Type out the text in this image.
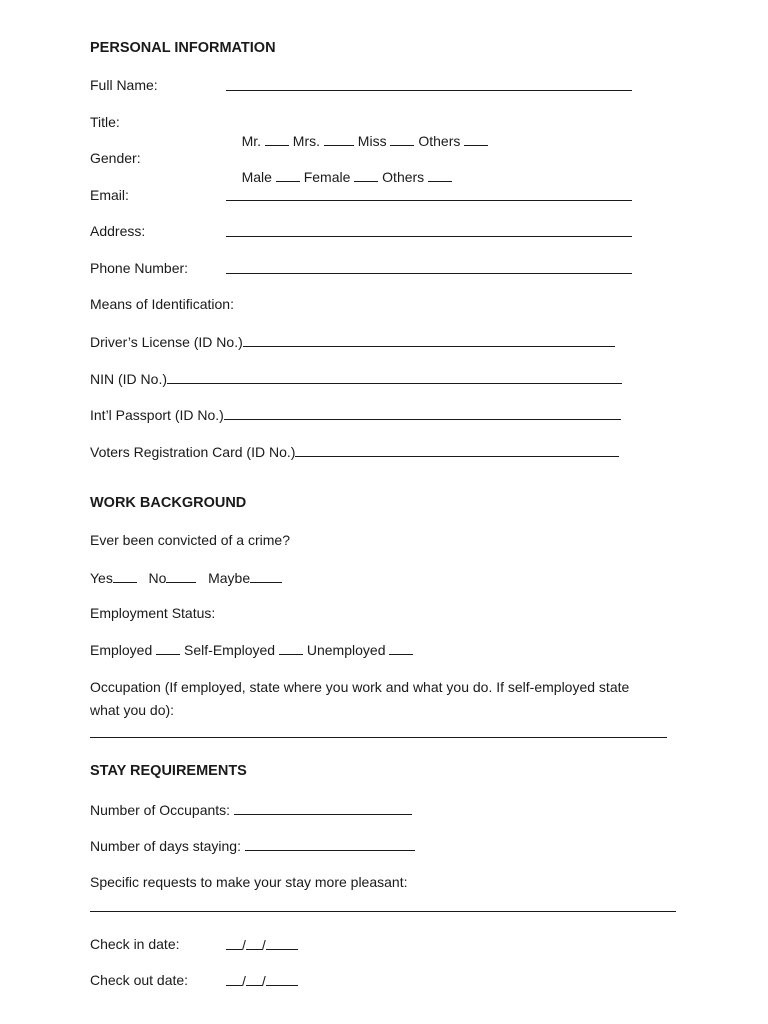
PERSONAL INFORMATION
Full Name:
Title:

Mr. Mrs.	Miss Others

Gender:

Male Female Others

Email:
Address:
Phone Number:
Means of Identification:
Driver’s License (ID No.)
NIN (ID No.)
Int’l Passport (ID No.)
Voters Registration Card (ID No.)
WORK BACKGROUND
Ever been convicted of a crime?
Yes	No	Maybe
Employment Status:
Employed Self-Employed Unemployed
Occupation (If employed, state where you work and what you do. If self-employed state
what you do):
STAY REQUIREMENTS
Number of Occupants:
Number of days staying:
Specific requests to make your stay more pleasant:
Check in date:	/ /
Check out date:	/ /
